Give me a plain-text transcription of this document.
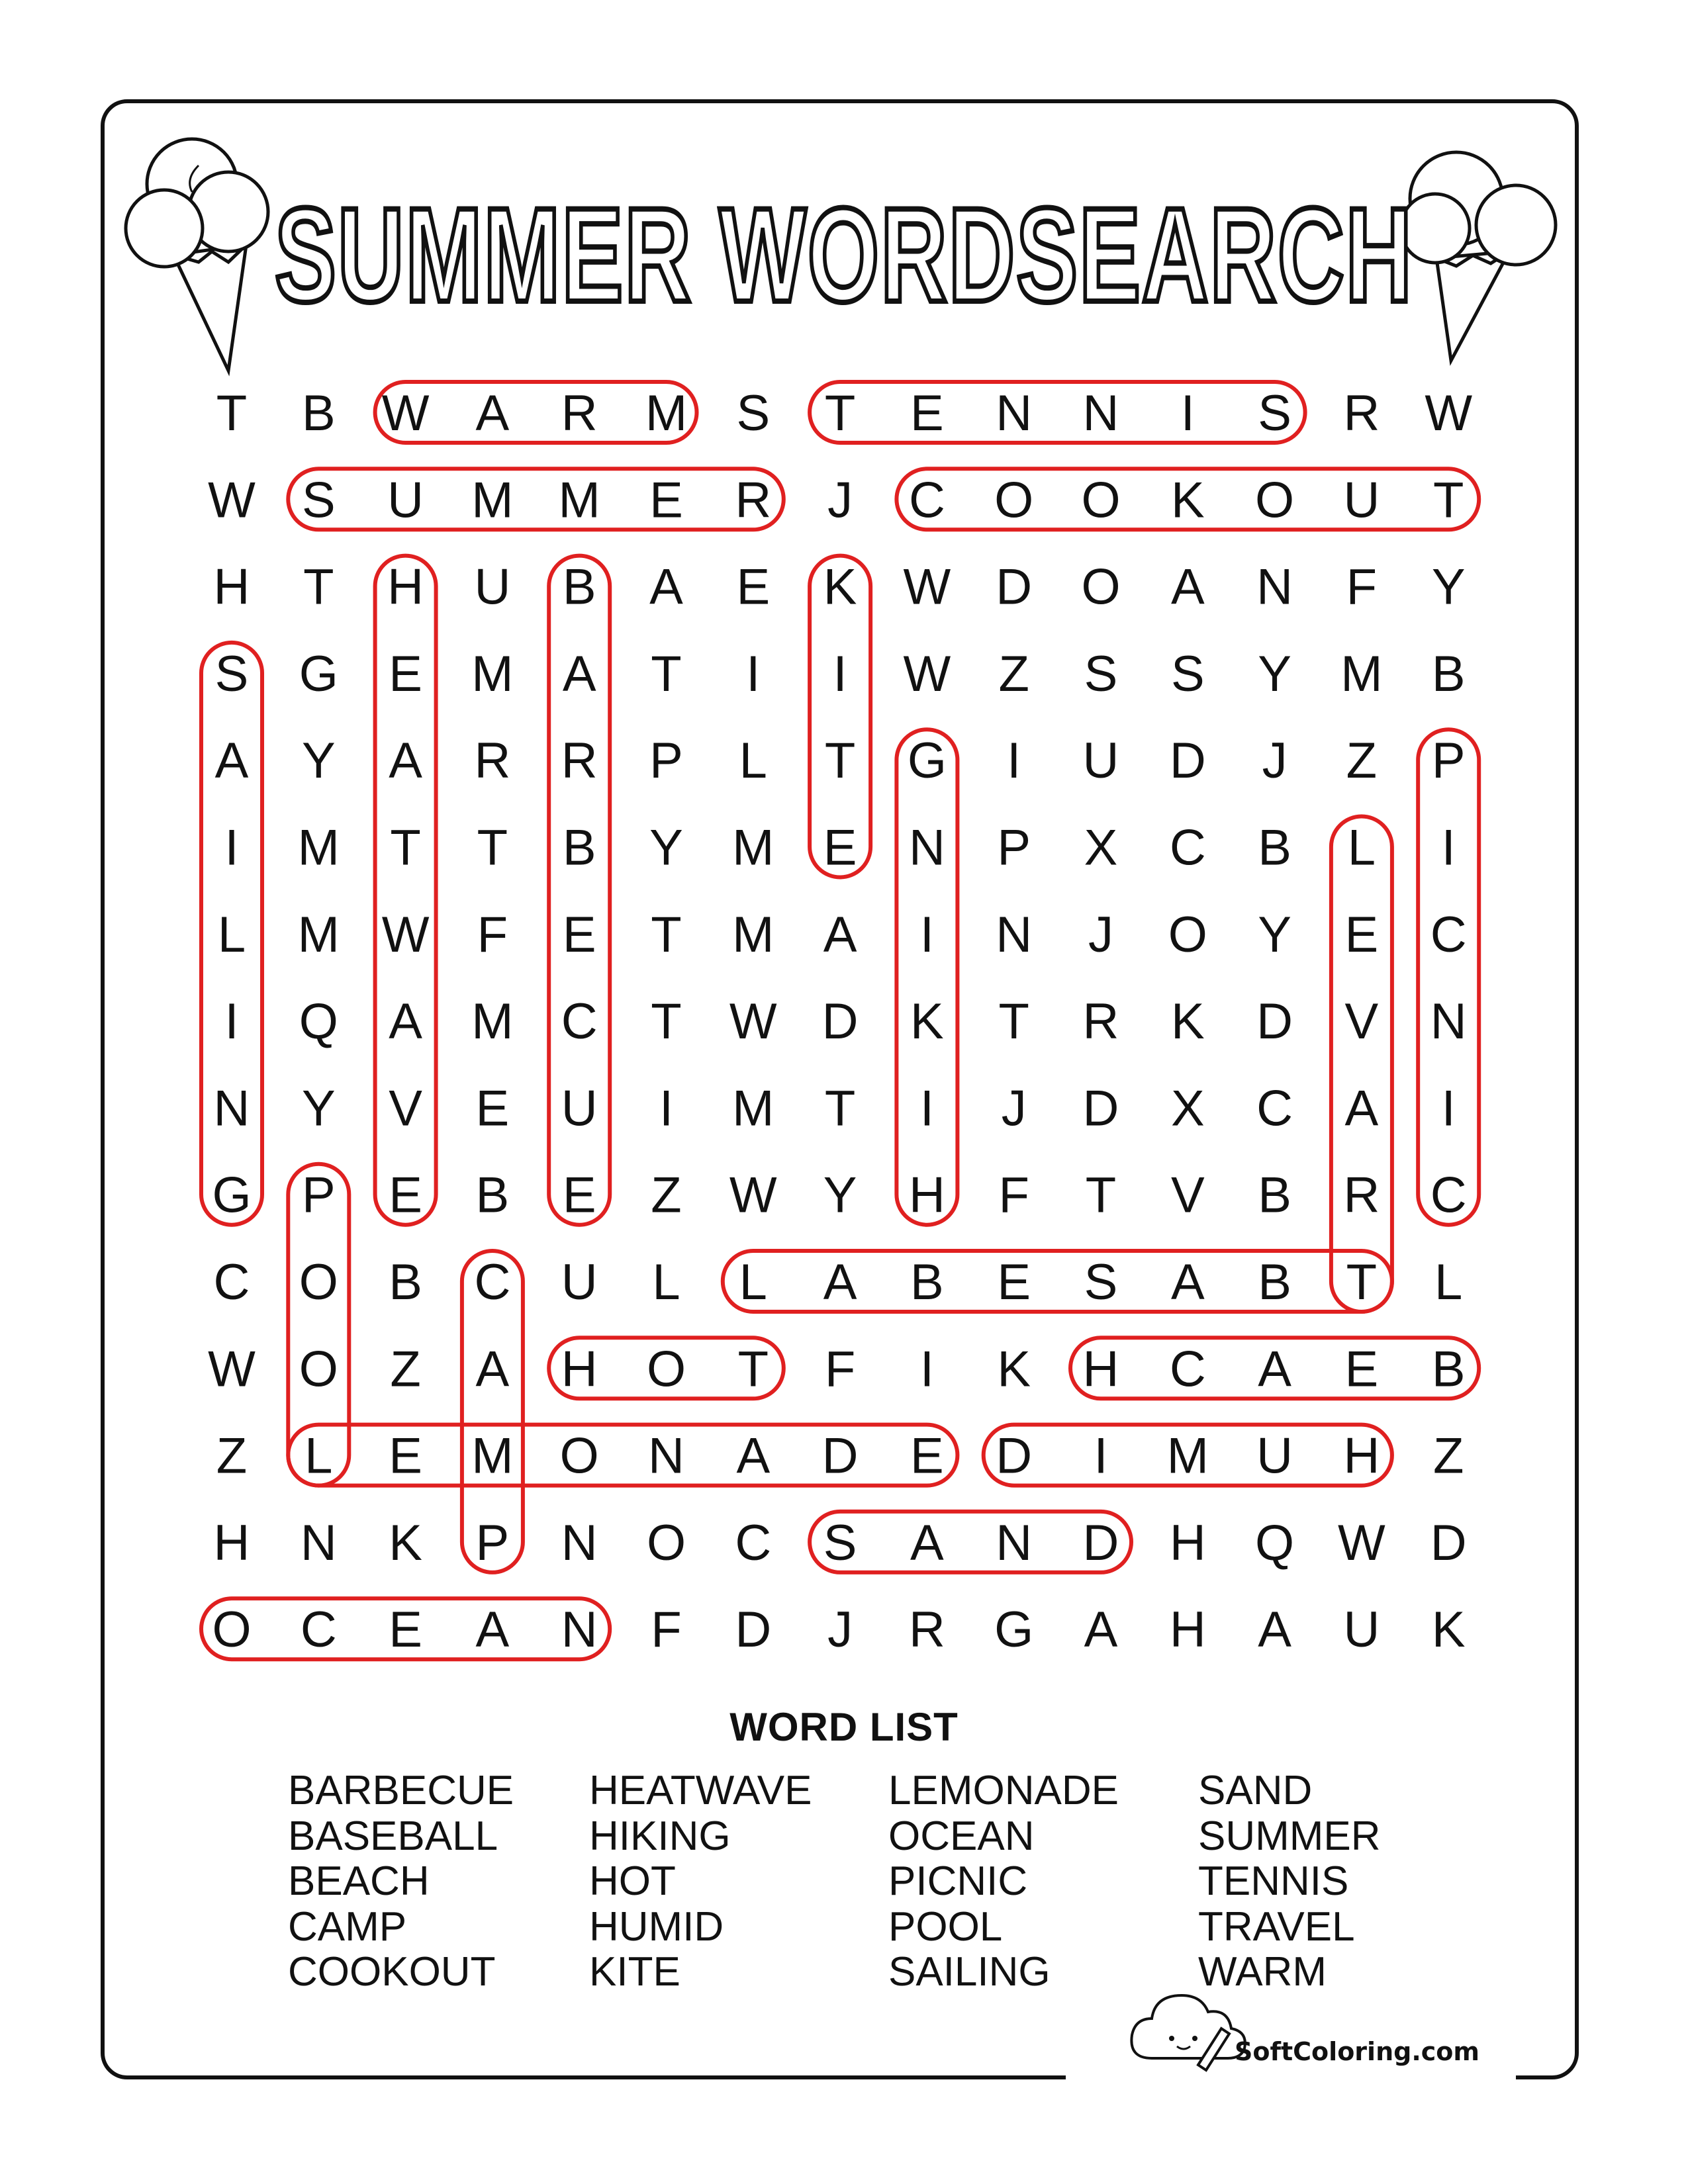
SUMMER WORDSEARCH
T B W A R M S T E N N I S R W
W S U M M E R J C O O K O U T
H T H U B A E K W D O A N F Y
S G E M A T I I W Z S S Y M B
A Y A R R P L T G I U D J Z P
I M T T B Y M E N P X C B L I
L M W F E T M A I N J O Y E C
I Q A M C T W D K T R K D V N
N Y V E U I M T I J D X C A I
G P E B E Z W Y H F T V B R C
C O B C U L L A B E S A B T L
W O Z A H O T F I K H C A E B
Z L E M O N A D E D I M U H Z
H N K P N O C S A N D H Q W D
O C E A N F D J R G A H A U K
WORD LIST
BARBECUE
BASEBALL
BEACH
CAMP
COOKOUT
HEATWAVE
HIKING
HOT
HUMID
KITE
LEMONADE
OCEAN
PICNIC
POOL
SAILING
SAND
SUMMER
TENNIS
TRAVEL
WARM
SoftColoring.com
